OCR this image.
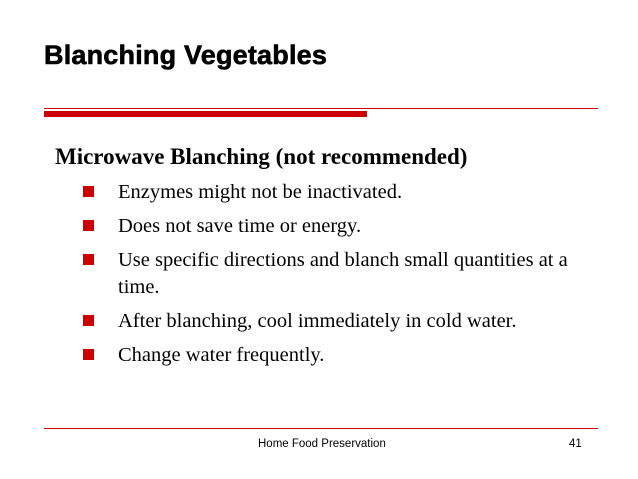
Blanching Vegetables
Microwave Blanching (not recommended)
Enzymes might not be inactivated.
Does not save time or energy.
Use specific directions and blanch small quantities at a time.
After blanching, cool immediately in cold water.
Change water frequently.
Home Food Preservation	41
